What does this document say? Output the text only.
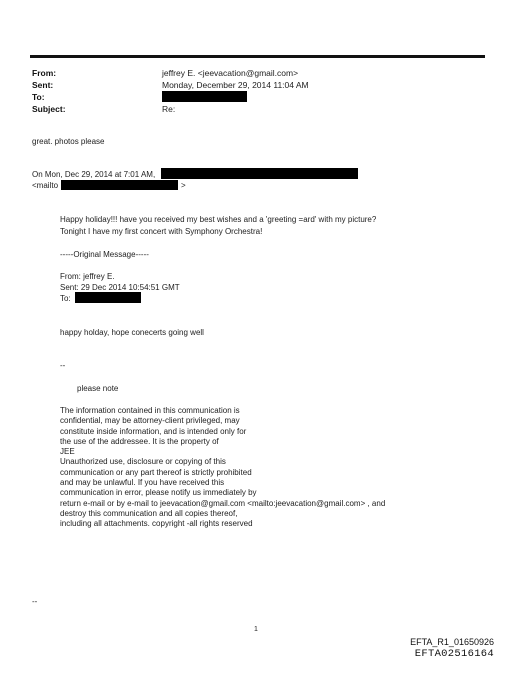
From:
Sent:
To:
Subject:
jeffrey E. <jeevacation@gmail.com>
Monday, December 29, 2014 11:04 AM
Re:
great. photos please
On Mon, Dec 29, 2014 at 7:01 AM,
<mailto	>
Happy holiday!!! have you received my best wishes and a 'greeting =ard' with my picture?
Tonight I have my first concert with Symphony Orchestra!
-----Original Message-----
From: jeffrey E.
Sent: 29 Dec 2014 10:54:51 GMT
To:
happy holday, hope conecerts going well
--
please note
The information contained in this communication is
confidential, may be attorney-client privileged, may
constitute inside information, and is intended only for
the use of the addressee. It is the property of
JEE
Unauthorized use, disclosure or copying of this
communication or any part thereof is strictly prohibited
and may be unlawful. If you have received this
communication in error, please notify us immediately by
return e-mail or by e-mail to jeevacation@gmail.com <mailto:jeevacation@gmail.com> , and
destroy this communication and all copies thereof,
including all attachments. copyright -all rights reserved
--
1
EFTA_R1_01650926
EFTA02516164
